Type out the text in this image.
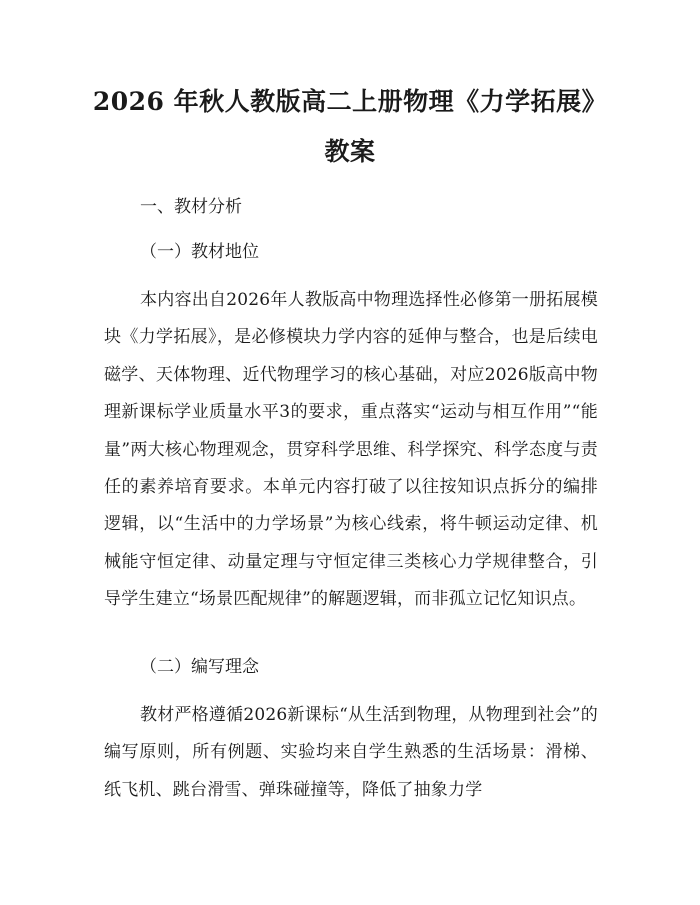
2026 年秋人教版高二上册物理《力学拓展》
教案
一、教材分析
（一）教材地位
本内容出自2026年人教版高中物理选择性必修第一册拓展模块《力学拓展》，是必修模块力学内容的延伸与整合，也是后续电磁学、天体物理、近代物理学习的核心基础，对应2026版高中物理新课标学业质量水平3的要求，重点落实“运动与相互作用”“能量”两大核心物理观念，贯穿科学思维、科学探究、科学态度与责任的素养培育要求。本单元内容打破了以往按知识点拆分的编排逻辑，以“生活中的力学场景”为核心线索，将牛顿运动定律、机械能守恒定律、动量定理与守恒定律三类核心力学规律整合，引导学生建立“场景匹配规律”的解题逻辑，而非孤立记忆知识点。
（二）编写理念
教材严格遵循2026新课标“从生活到物理，从物理到社会”的编写原则，所有例题、实验均来自学生熟悉的生活场景：滑梯、纸飞机、跳台滑雪、弹珠碰撞等，降低了抽象力学
